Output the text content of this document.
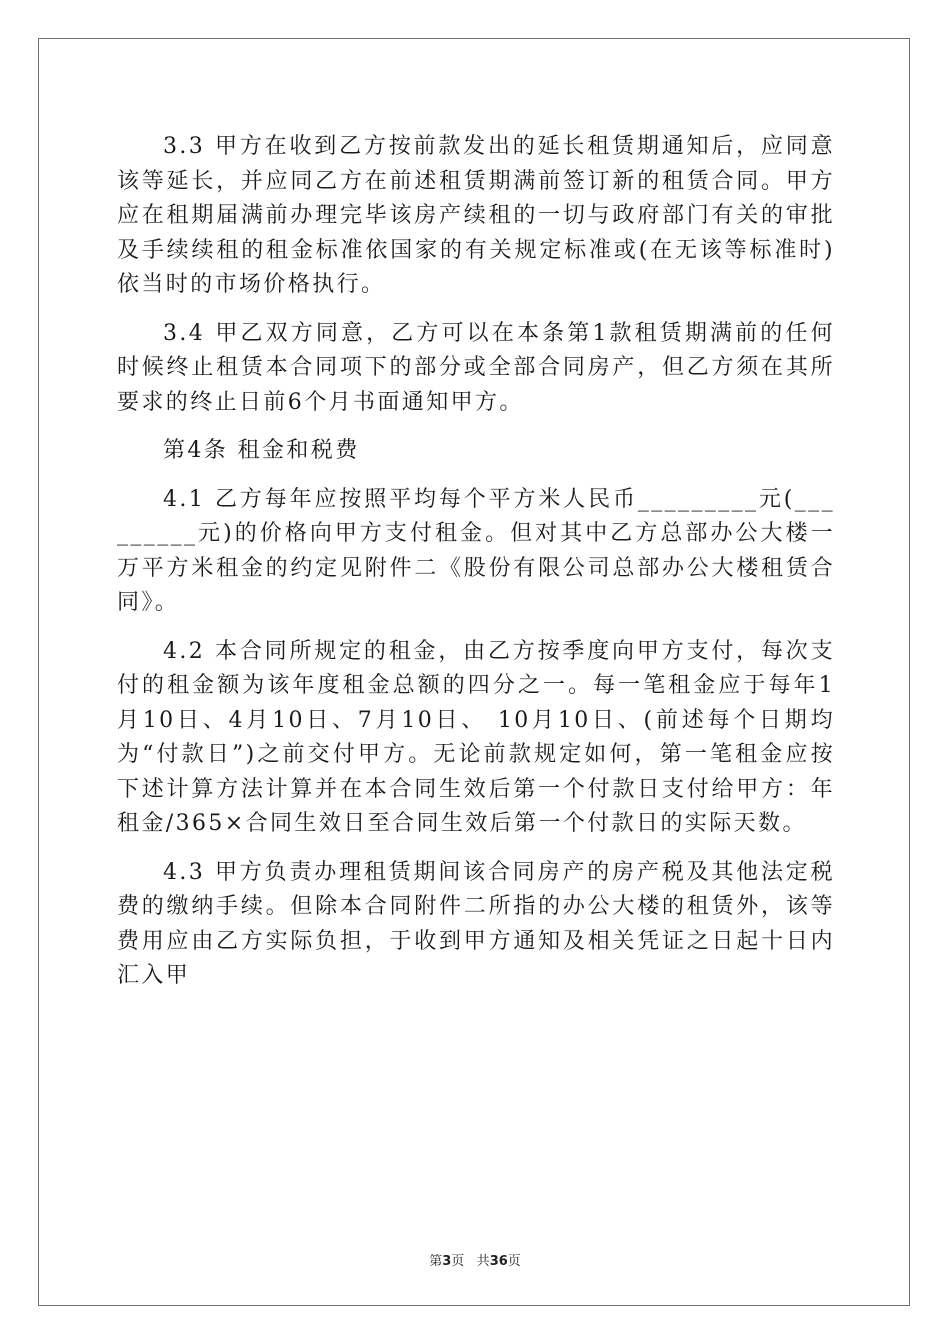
3.3 甲方在收到乙方按前款发出的延长租赁期通知后，应同意该等延长，并应同乙方在前述租赁期满前签订新的租赁合同。甲方应在租期届满前办理完毕该房产续租的一切与政府部门有关的审批及手续续租的租金标准依国家的有关规定标准或(在无该等标准时)依当时的市场价格执行。

3.4 甲乙双方同意，乙方可以在本条第1款租赁期满前的任何时候终止租赁本合同项下的部分或全部合同房产，但乙方须在其所要求的终止日前6个月书面通知甲方。

第4条 租金和税费

4.1 乙方每年应按照平均每个平方米人民币_________元(_________元)的价格向甲方支付租金。但对其中乙方总部办公大楼一万平方米租金的约定见附件二《股份有限公司总部办公大楼租赁合同》。

4.2 本合同所规定的租金，由乙方按季度向甲方支付，每次支付的租金额为该年度租金总额的四分之一。每一笔租金应于每年1月10日、4月10日、7月10日、 10月10日、(前述每个日期均为“付款日”)之前交付甲方。无论前款规定如何，第一笔租金应按下述计算方法计算并在本合同生效后第一个付款日支付给甲方：年租金/365×合同生效日至合同生效后第一个付款日的实际天数。

4.3 甲方负责办理租赁期间该合同房产的房产税及其他法定税费的缴纳手续。但除本合同附件二所指的办公大楼的租赁外，该等费用应由乙方实际负担，于收到甲方通知及相关凭证之日起十日内汇入甲

第3页 共36页
